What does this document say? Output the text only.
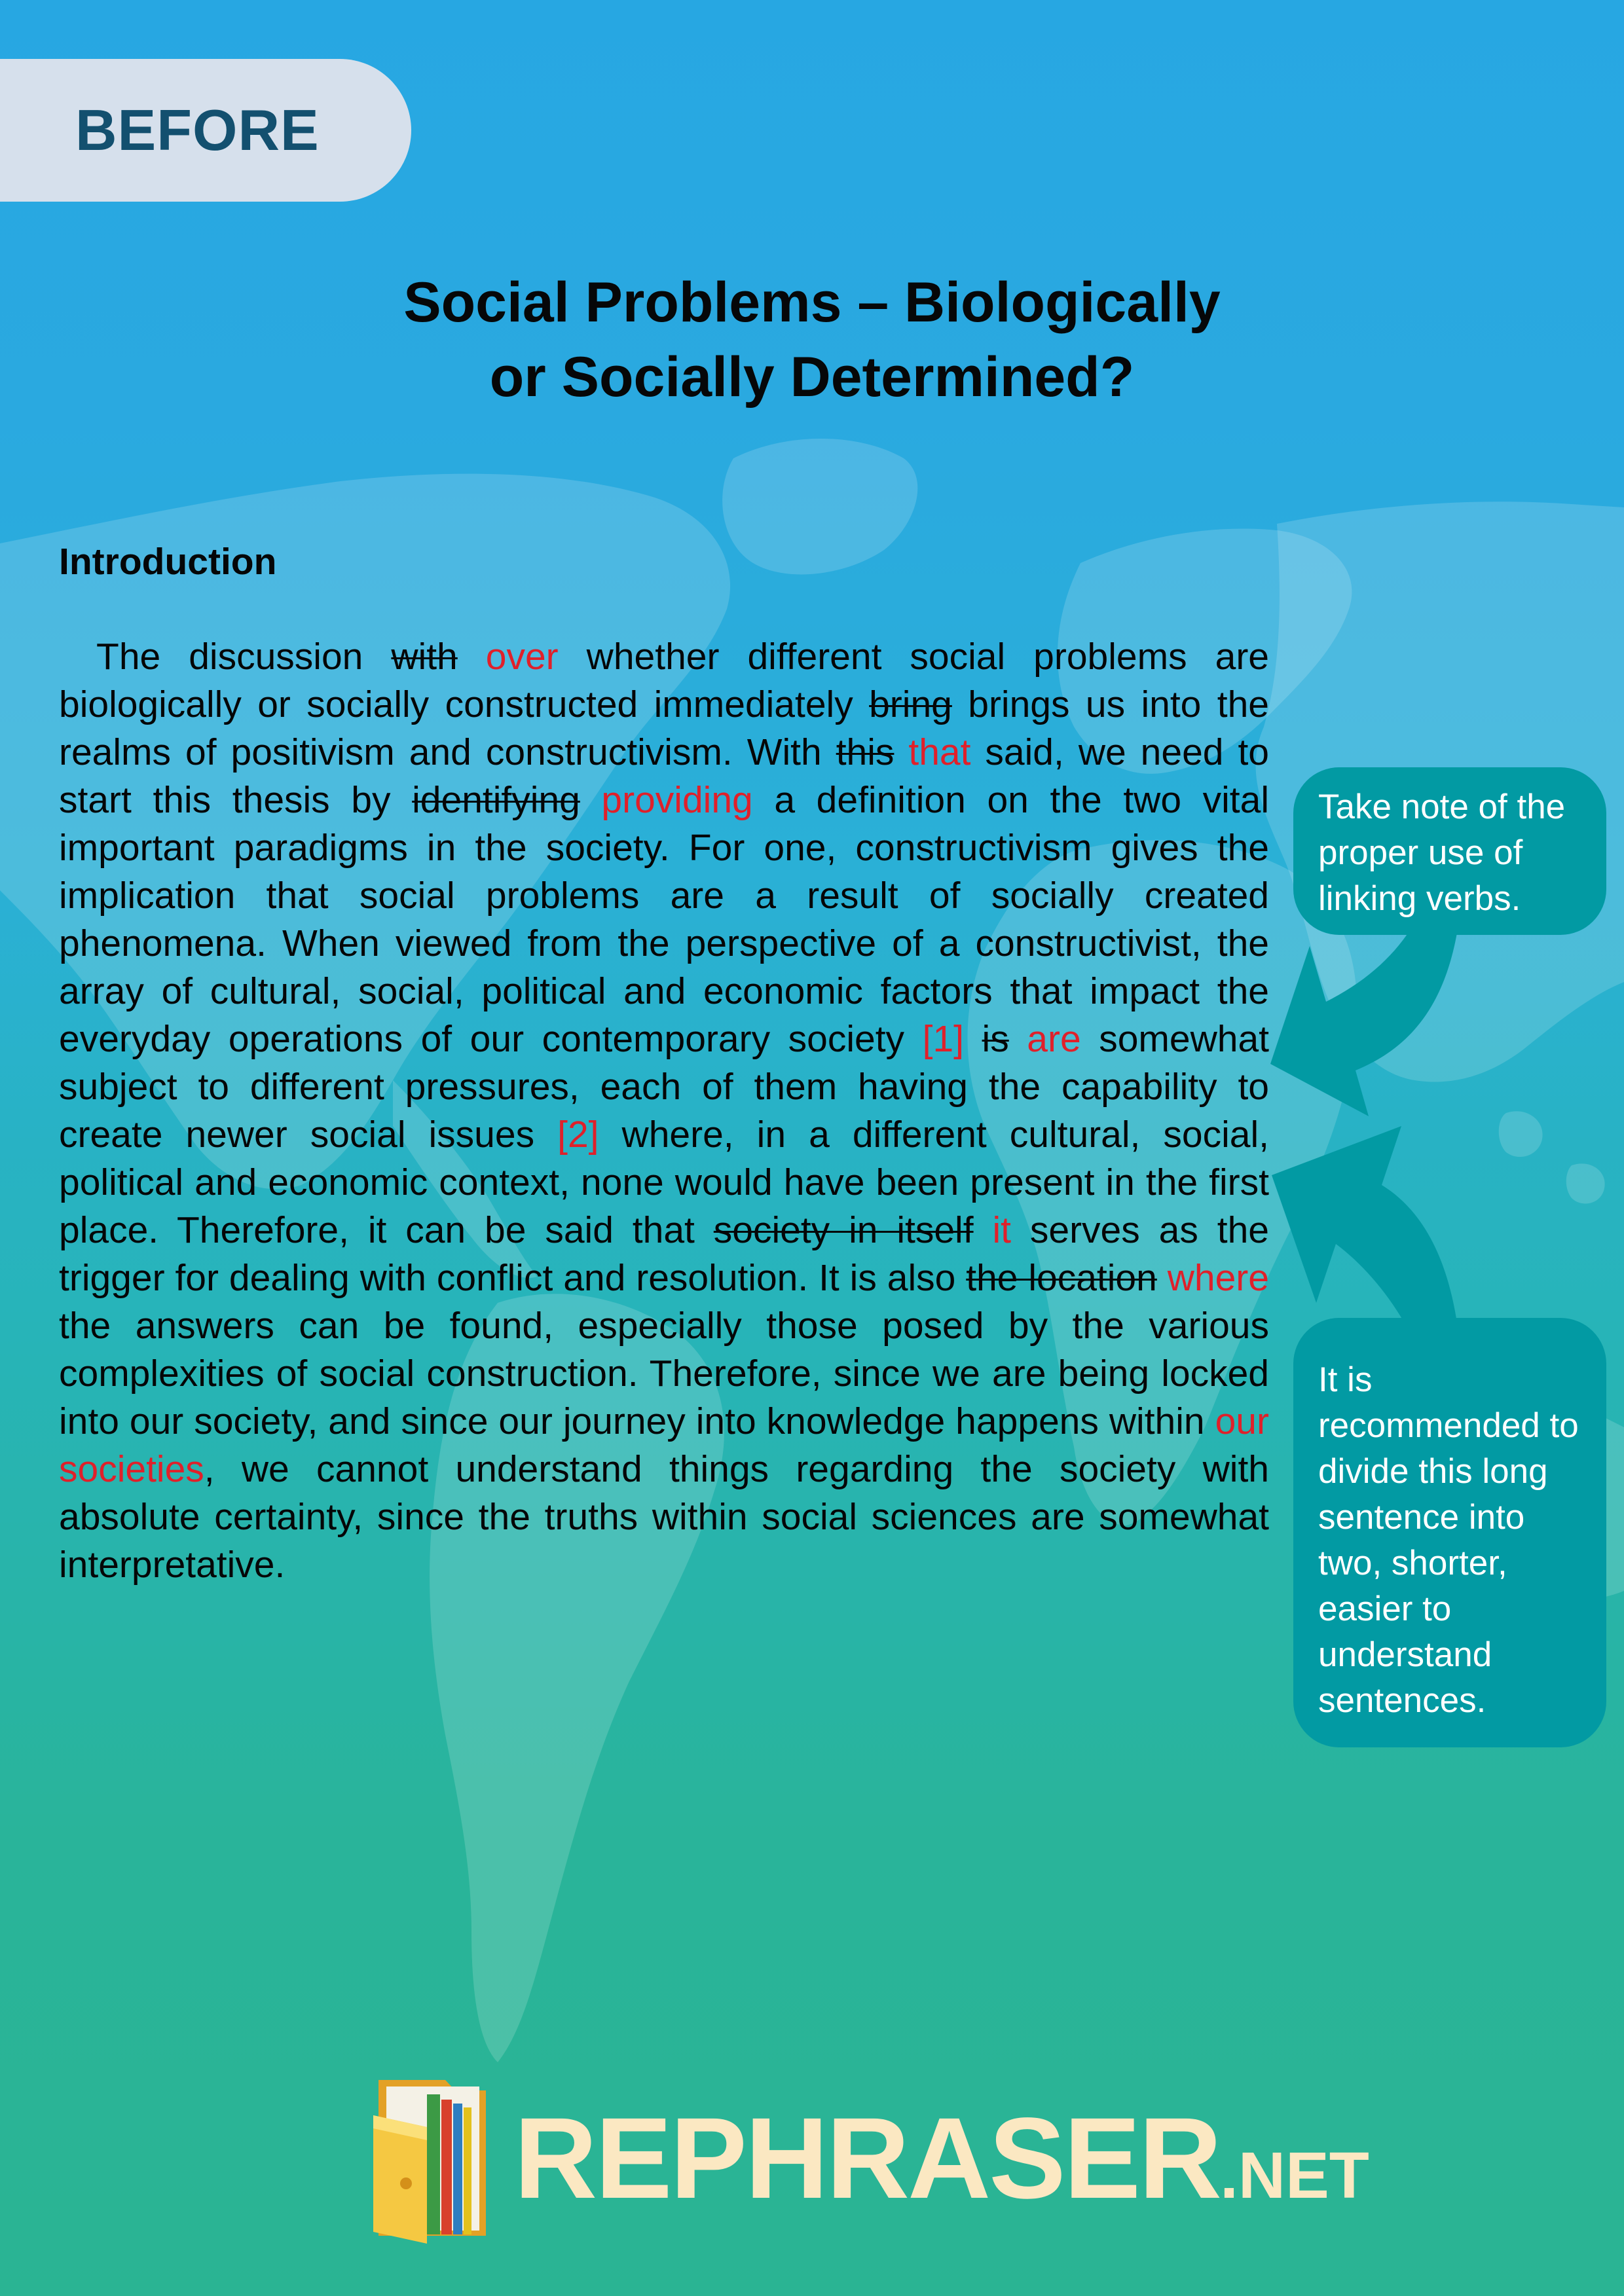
BEFORE
Social Problems – Biologically
or Socially Determined?
Introduction

 The discussion with over whether different social problems are biologically or socially constructed immediately bring brings us into the realms of positivism and constructivism. With this that said, we need to start this thesis by identifying providing a definition on the two vital important paradigms in the society. For one, constructivism gives the implication that social problems are a result of socially created phenomena. When viewed from the perspective of a constructivist, the array of cultural, social, political and economic factors that impact the everyday operations of our contemporary society [1] is are somewhat subject to different pressures, each of them having the capability to create newer social issues [2] where, in a different cultural, social, political and economic context, none would have been present in the first place. Therefore, it can be said that society in itself it serves as the trigger for dealing with conflict and resolution. It is also the location where the answers can be found, especially those posed by the various complexities of social construction. Therefore, since we are being locked into our society, and since our journey into knowledge happens within our societies, we cannot understand things regarding the society with absolute certainty, since the truths within social sciences are somewhat interpretative.

Take note of the proper use of linking verbs.
It is recommended to divide this long sentence into two, shorter, easier to understand sentences.
REPHRASER.NET
